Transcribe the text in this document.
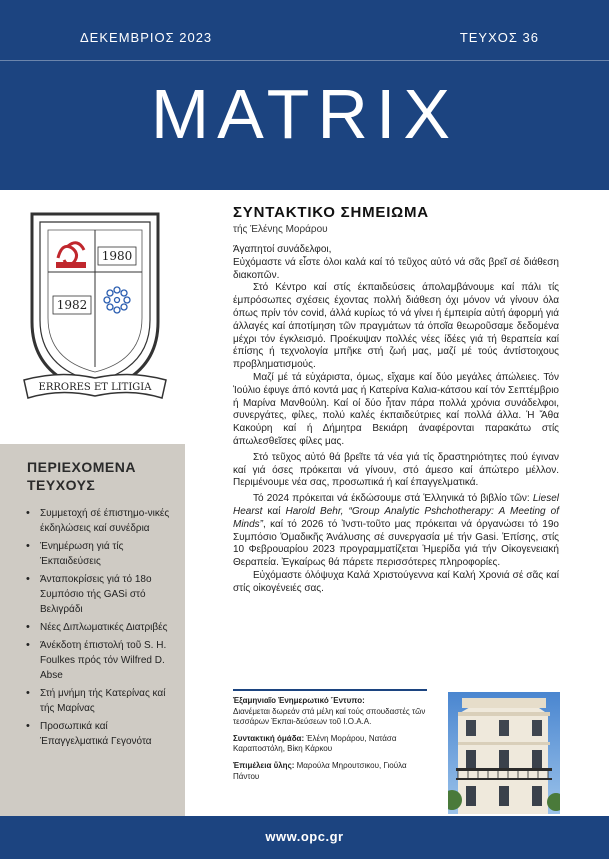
ΔΕΚΕΜΒΡΙΟΣ 2023	ΤΕΥΧΟΣ 36
MATRIX
1980
1982
ERRORES ET LITIGIA
ΠΕΡΙΕΧΟΜΕΝΑ ΤΕΥΧΟΥΣ
• Συμμετοχή σέ έπιστημο-νικές έκδηλώσεις καί συνέδρια
• Ένημέρωση γιά τίς Έκπαιδεύσεις
• Άνταποκρίσεις γιά τό 18ο Συμπόσιο τής GASi στό Βελιγράδι
• Νέες Διπλωματικές Διατριβές
• Άνέκδοτη έπιστολή τοῦ S. H. Foulkes πρός τόν Wilfred D. Abse
• Στή μνήμη τής Κατερίνας καί τής Μαρίνας
• Προσωπικά καί Έπαγγελματικά Γεγονότα
ΣΥΝΤΑΚΤΙΚΟ ΣΗΜΕΙΩΜΑ
τής Έλένης Μοράρου

Άγαπητοί συνάδελφοι,

Εὐχόμαστε νά εἶστε όλοι καλά καί τό τεῦχος αὐτό νά σᾶς βρεῖ σέ διάθεση διακοπῶν.

Στό Κέντρο καί στίς έκπαιδεύσεις άπολαμβάνουμε καί πάλι τίς έμπρόσωπες σχέσεις έχοντας πολλή διάθεση όχι μόνον νά γίνουν όλα όπως πρίν τόν covid, άλλά κυρίως τό νά γίνει ή έμπειρία αὐτή άφορμή γιά άλλαγές καί άποτίμηση τῶν πραγμάτων τά όποῖα θεωροῦσαμε δεδομένα μέχρι τόν έγκλεισμό. Προέκυψαν πολλές νέες ίδέες γιά τή θεραπεία καί έπίσης ή τεχνολογία μπῆκε στή ζωή μας, μαζί μέ τούς άντίστοιχους προβληματισμούς.

Μαζί μέ τά εὐχάριστα, όμως, εἴχαμε καί δύο μεγάλες άπώλειες. Τόν Ἰούλιο έφυγε άπό κοντά μας ή Κατερίνα Καλια-κάτσου καί τόν Σεπτέμβριο ή Μαρίνα Μανθούλη. Καί οί δύο ἦταν πάρα πολλά χρόνια συνάδελφοι, συνεργάτες, φίλες, πολύ καλές έκπαιδεύτριες καί πολλά άλλα. Ἡ Ἄθα Κακούρη καί ή Δήμητρα Βεκιάρη άναφέρονται παρακάτω στίς άπωλεσθεῖσες φίλες μας.

Στό τεῦχος αὐτό θά βρεῖτε τά νέα γιά τίς δραστηριότητες πού έγιναν καί γιά όσες πρόκειται νά γίνουν, στό άμεσο καί άπώτερο μέλλον. Περιμένουμε νέα σας, προσωπικά ή καί έπαγγελματικά.

Τό 2024 πρόκειται νά έκδώσουμε στά Ἑλληνικά τό βιβλίο τῶν: Liesel Hearst καί Harold Behr, “Group Analytic Pshchotherapy: A Meeting of Minds”, καί τό 2026 τό Ἰνστι-τοῦτο μας πρόκειται νά όργανώσει τό 19ο Συμπόσιο Ὁμαδικῆς Άνάλυσης σέ συνεργασία μέ τήν Gasi. Ἐπίσης, στίς 10 Φεβρουαρίου 2023 προγραμματίζεται Ἡμερίδα γιά τήν Οἰκογενειακή Θεραπεία. Ἐγκαίρως θά πάρετε περισσότερες πληροφορίες.

Εὐχόμαστε όλόψυχα Καλά Χριστούγεννα καί Καλή Χρονιά σέ σᾶς καί στίς οἰκογένειές σας.

Ἐξαμηνιαῖο Ἐνημερωτικό Ἔντυπο:
Διανέμεται δωρεάν στά μέλη καί τούς σπουδαστές τῶν τεσσάρων Ἐκπαι-δεύσεων τοῦ Ι.Ο.Α.Α.
Συντακτική όμάδα: Ἑλένη Μοράρου, Νατάσα Καραποστόλη, Βίκη Κάρκου
Ἐπιμέλεια ὕλης: Μαρούλα Μηρουτσικου, Γιούλα Πάντου
www.opc.gr
